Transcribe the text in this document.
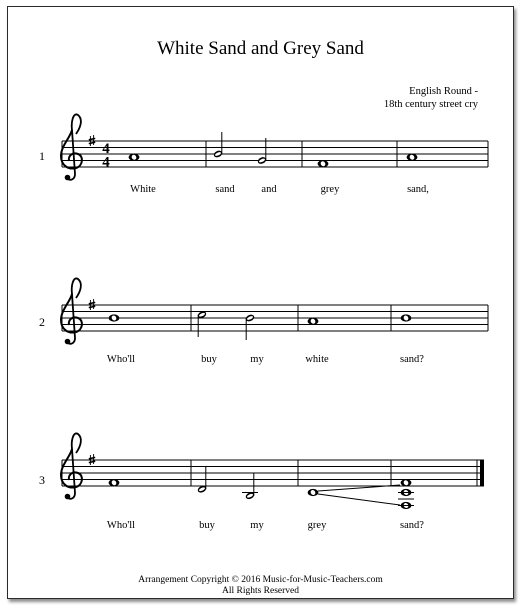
White Sand and Grey Sand
English Round -
18th century street cry
1
2
3
White	sand	and	grey	sand,
Who'll	buy	my	white	sand?
Who'll	buy	my	grey	sand?
Arrangement Copyright © 2016 Music-for-Music-Teachers.com
All Rights Reserved
4
4
